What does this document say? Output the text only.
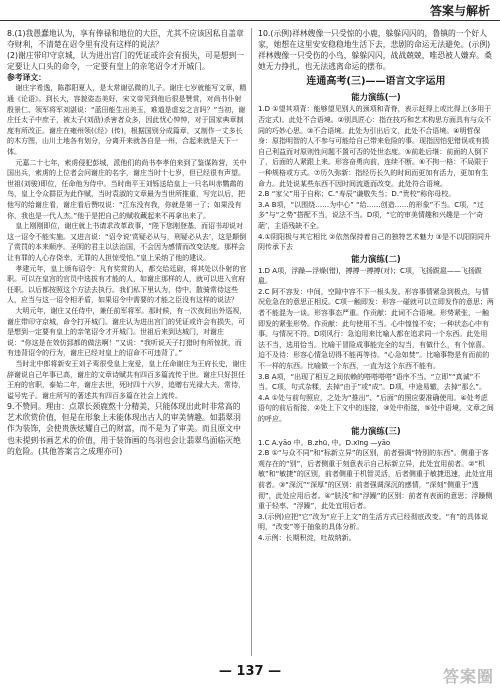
答案与解析

8.(1)我愚蠢地认为，享有俸禄和地位的大臣，尤其不应该因私自盖章夺财利，不清楚在诏令里有没有这样的说法？

(2)谢庄带印守京城，认为进出宫门的凭证或许会有损失，可是想到一定要让人口头的命令，一定要有皇上的亲笔诏令才开城门。

参考译文：

谢庄字希逸，陈郡阳夏人，是太常谢弘微的儿子。谢庄七岁就能写文章，精通《论语》。到长大，容貌姿态美好，宋文帝见到他后很是赞赏，对尚书仆射殷景仁、领军将军刘湛说：“蓝田能生出美玉，难道是虚妄之言吗？”当初，谢庄任太子中庶子，被太子(刘劭)杀害者众多，因此忧心忡忡，对于国家典章制度有所改正。谢庄在雍州领(《经》(传)，根据国别分成篇章，又制作一丈多长的木方图，山川土地各有划分，分离开来就各自是一州，合起来就是天下一体。

元嘉二十七年，索虏侵犯彭城，派他们的尚书李孝伯来到了鉴谋阵营，关中国出兵，索虏的上位者会问谢庄的名字，谢庄当时十七岁，但已经很有声望。世祖(刘骏)即位，任命他为侍中。当时南平王刘铄送给皇上一只名叫赤鹦鹉的鸟，皇上令众群臣为此作赋，当时袁淑的文章最为当世所推重，写完以后，把他写的给谢庄看，谢庄看后赞叹说：“江东没有我，你就是第一了；如果没有你，我也是一代人杰。”他于是把自己的赋收藏起来不再拿出来了。

皇上刚刚即位，谢庄就上书请求改革政事，“陛下您刚登基，而诏书却说对这一诏令不能实施。又进言说：“诏令说‘赏疑必从与，刑疑必从去’，这是颠倒了赏罚的本来顺序。圣明的君主以法治国，不会因为感情而改变法度。那样会让有罪的人心存侥幸，无罪的人担惊受怕。”皇上采纳了他的建议。

孝建元年，皇上颁布诏令：凡有奖赏的人，都交给廷尉，将其处以仆射的官职。可以在皇宫的官员中选拔有才能的人，如谢庄那样的人，就可以进入官府任职。以后都按照这个方法去执行。我们私下里认为，侍中、散骑常侍这些人，应当与这一诏令相矛盾，如果诏令中需要的才能之臣没有这样的说法？

大明元年，谢庄又任侍中，兼任前军将军。那时候，有一次夜间出外巡视，谢庄带印守京城，命令打开城门。谢庄认为进出宫门的凭证或许会有损失，可是想到一定要有皇上的亲笔诏令才开城门。世祖后来到达城门，对谢庄说：“你这是在效仿郅都的做法啊！”又说：“我听说天子打猎时有所惊扰，而有违背诏令的行为，谢庄已经对皇上的诏命不可违背了。”

当时北中郎将新安王刘子鸾很受皇上宠爱，皇上任命谢庄为王府长史，谢庄辞谢说自己年事已高，谢庄的文章诗赋共有四百多篇流传于世。谢庄只好担任王府的官职，泰始二年，谢庄去世，死时四十六岁，追赠右光禄大夫、常侍，谥号宪子。谢庄所写的著述共有四百多篇在社会上流传。

9.不赞同。理由：点罩长颈鹿熬十分精美，只能体现出此时非常高的艺术欣赏价值，但是在形象上未能体现出古人的审美情趣。如翡翠羽作为装饰，会使贵族炫耀自己的财富，而不是为了审美。而且原文中也未提到书画艺术的价值，用于装饰画的鸟羽也会让翡翠鸟面临灭绝的危险。(其他答案言之成理亦可)

10.(示例)祥林嫂像一只受惊的小鹿，躲躲闪闪的，鲁镇的一个好人家，她想在这里安安稳稳地生活下去，悲剧的命运无法避免。(示例)祥林嫂像一只受伤的小鸟，躲躲闪闪，战战兢兢，唯恐被人嫌弃。桑她无力挣扎，也无法逃离命运的摆布。

连通高考(三)——语言文字运用

能力演练(一)

1.D ①望其项背：能够望见别人的颈项和背脊，表示赶得上或比得上(多用于否定式)。此处不合语境。②别具匠心：指在技巧和艺术构思方面具有与众不同的巧妙心思。③不合语境。此处为引出后文，此处不合语境。④明哲保身：原指明智的人不参与可能给自己带来危险的事。现指因怕犯错误或有损自己利益而对原则性问题不置可否的处世态度。⑤前赴后继：前面的人倒下了，后面的人紧跟上来。形容奋勇向前，连续不断。⑥不拘一格：不局限于一种规格或方式。⑦历久弥新：指经历长久的时间而更加有活力，更加有生命力。此处说某些东西不因时间流逝而改变。此处符合语境。

2.B “家父”用于自称；C.“寿辰”谦敬失当；D.“贵校”称你母校。

3.A B项，“以围绕……为中心” “给……创造……的形象”不当。C项，“过多”与“之势”搭配不当，说法不当。D项，“它的审美情趣和兴趣是一个‘奇葩’，主语残缺不全。

4.①阴阳极与其它相比 ②依然保持着自己的独特艺术魅力 ③是不以阳阴同升阴传承下去

能力演练(二)

1.D A项，浮躁—浮燥(错)，搏搏一搏搏(对)；C项，飞扬跋扈——飞扬跋扈。

2.C 阿不容发：中间，空隙中容不下一根头发。形容事情紧急到极点，与情况危急在的意思正相反。C项一触即发：形容一碰就可以立即发作的意思；两者不能混为一谈。形容事态严重。作贡献：此词不合语境。形势紧张，一触即发的紧张形势。作贡献：此句使用不当。心中惶惶不安；一种状态心中有事。与情况不符。D项风行：急迫用来比喻人都在追求同一个东西。此处用法不当，选用恰当。比喻干冒险成事能完全的勾当，有做什么，有个惊喜。迫不及待：形容心情急切得不能再等待。“心急如焚”。比喻事物是有而前的不一样的东西。比喻做一个东西，一直为这个东西不能有。

3.B A项，“出现了相互之间依赖的嗒嗒嗒嗒”语序不当。“立即”“真诚”不当。C项，句式杂糅，去掉“由于”或“成”。D项，中途易辙，去掉“那么”。

4.A ①处与前句照应，之处为“推出”、“后面”的照应要准确使用。④处考虑语句的前后衔接，②处上下文中的连接，③处中衔接，⑤处中语境，文章之间的呼应。

能力演练(三)

1.C A.yāo 中。B.zhū, 中。D.xīng —yāo

2.B ①“与众不同”和“标新立异”的区别，前者强调“特别的东西”。侧重于客观存在的“别”，后者侧重于刻意表示自己标新立异，此处宜用前者。②“机敏”和“敏捷”的区别，前者侧重于机智灵活，后者侧重于敏捷迅速，此处宜用前者。③“深沉”“深厚”的区别：前者强调深沉的感情，“深刻”侧重于“透彻”，此处应用后者。④“肤浅”和“浮躁”的区别：前者有表面的意思；浮躁侧重于轻率、“浮躁”，此处宜用后者。

3.(示例)应把“它”改为“应于上文”的生活方式已经彻底改变。“有”的具体说明，“改变”等于抽象的具体分析。

4.示例：长期积淀，吐故纳新。

— 137 —	答案圈
